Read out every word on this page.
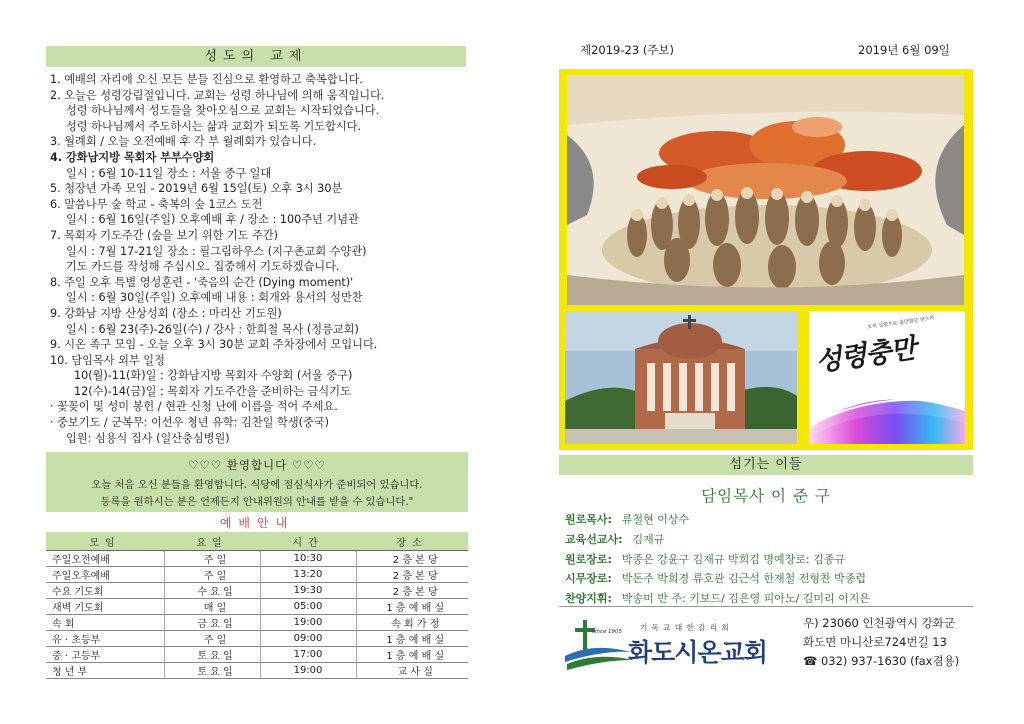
성도의 교제
1. 예배의 자리에 오신 모든 분들 진심으로 환영하고 축복합니다.
2. 오늘은 성령강림절입니다. 교회는 성령 하나님에 의해 움직입니다.
성령 하나님께서 성도들을 찾아오심으로 교회는 시작되었습니다.
성령 하나님께서 주도하시는 삶과 교회가 되도록 기도합시다.
3. 월례회 / 오늘 오전예배 후 각 부 월례회가 있습니다.
4. 강화남지방 목회자 부부수양회
일시 : 6월 10-11일 장소 : 서울 중구 일대
5. 청장년 가족 모임 - 2019년 6월 15일(토) 오후 3시 30분
6. 말씀나무 숲 학교 - 축복의 숲 1코스 도전
일시 : 6월 16일(주일) 오후예배 후 / 장소 : 100주년 기념관
7. 목회자 기도주간 (숲을 보기 위한 기도 주간)
일시 : 7월 17-21일 장소 : 필그림하우스 (지구촌교회 수양관)
기도 카드를 작성해 주십시오. 집중해서 기도하겠습니다.
8. 주일 오후 특별 영성훈련 - '죽음의 순간 (Dying moment)'
일시 : 6월 30일(주일) 오후예배 내용 : 회개와 용서의 성만찬
9. 강화남 지방 산상성회 (장소 : 마리산 기도원)
일시 : 6월 23(주)-26일(수) / 강사 : 한희철 목사 (정릉교회)
9. 시온 족구 모임 - 오늘 오후 3시 30분 교회 주차장에서 모입니다.
10. 담임목사 외부 일정
10(월)-11(화)일 : 강화남지방 목회자 수양회 (서울 중구)
12(수)-14(금)일 : 목회자 기도주간을 준비하는 금식기도
· 꽃꽂이 및 성미 봉헌 / 현관 신청 난에 이름을 적어 주세요.
· 중보기도 / 군복무: 이선우 청년 유학: 김찬일 학생(중국)
입원: 심용식 집사 (일산충심병원)
♡♡♡ 환영합니다 ♡♡♡
오늘 처음 오신 분들을 환영합니다. 식당에 점심식사가 준비되어 있습니다.
등록을 원하시는 분은 언제든지 안내위원의 안내를 받을 수 있습니다."
예배안내
모임	요일	시간	장소
주일오전예배	주 일	10:30	2 층 본 당
주일오후예배	주 일	13:20	2 층 본 당
수요 기도회	수 요 일	19:30	2 층 본 당
새벽 기도회	매 일	05:00	1 층 예 배 실
속 회	금 요 일	19:00	속 회 가 정
유 · 초등부	주 일	09:00	1 층 예 배 실
중 · 고등부	토 요 일	17:00	1 층 예 배 실
청 년 부	토 요 일	19:00	교 사 실
제2019-23 (주보)	2019년 6월 09일
성령충만
오직 성령으로 충만함을 받으라
섬기는 이들
담임목사 이 준 구
원로목사: 류철현 이상수
교육선교사: 김재규
원로장로: 박종은 강윤구 김재규 박희김 명예장로: 김종규
시무장로: 박돈주 박희경 류호관 김근석 한재철 전형찬 박종렵
찬양지휘: 박송미 반 주: 키보드/ 김은영 피아노/ 김미리 이지은
since 1905 기 독 교 대 한 감 리 회
화도시온교회
우) 23060 인천광역시 강화군
화도면 마니산로724번길 13
☎ 032) 937-1630 (fax겸용)
